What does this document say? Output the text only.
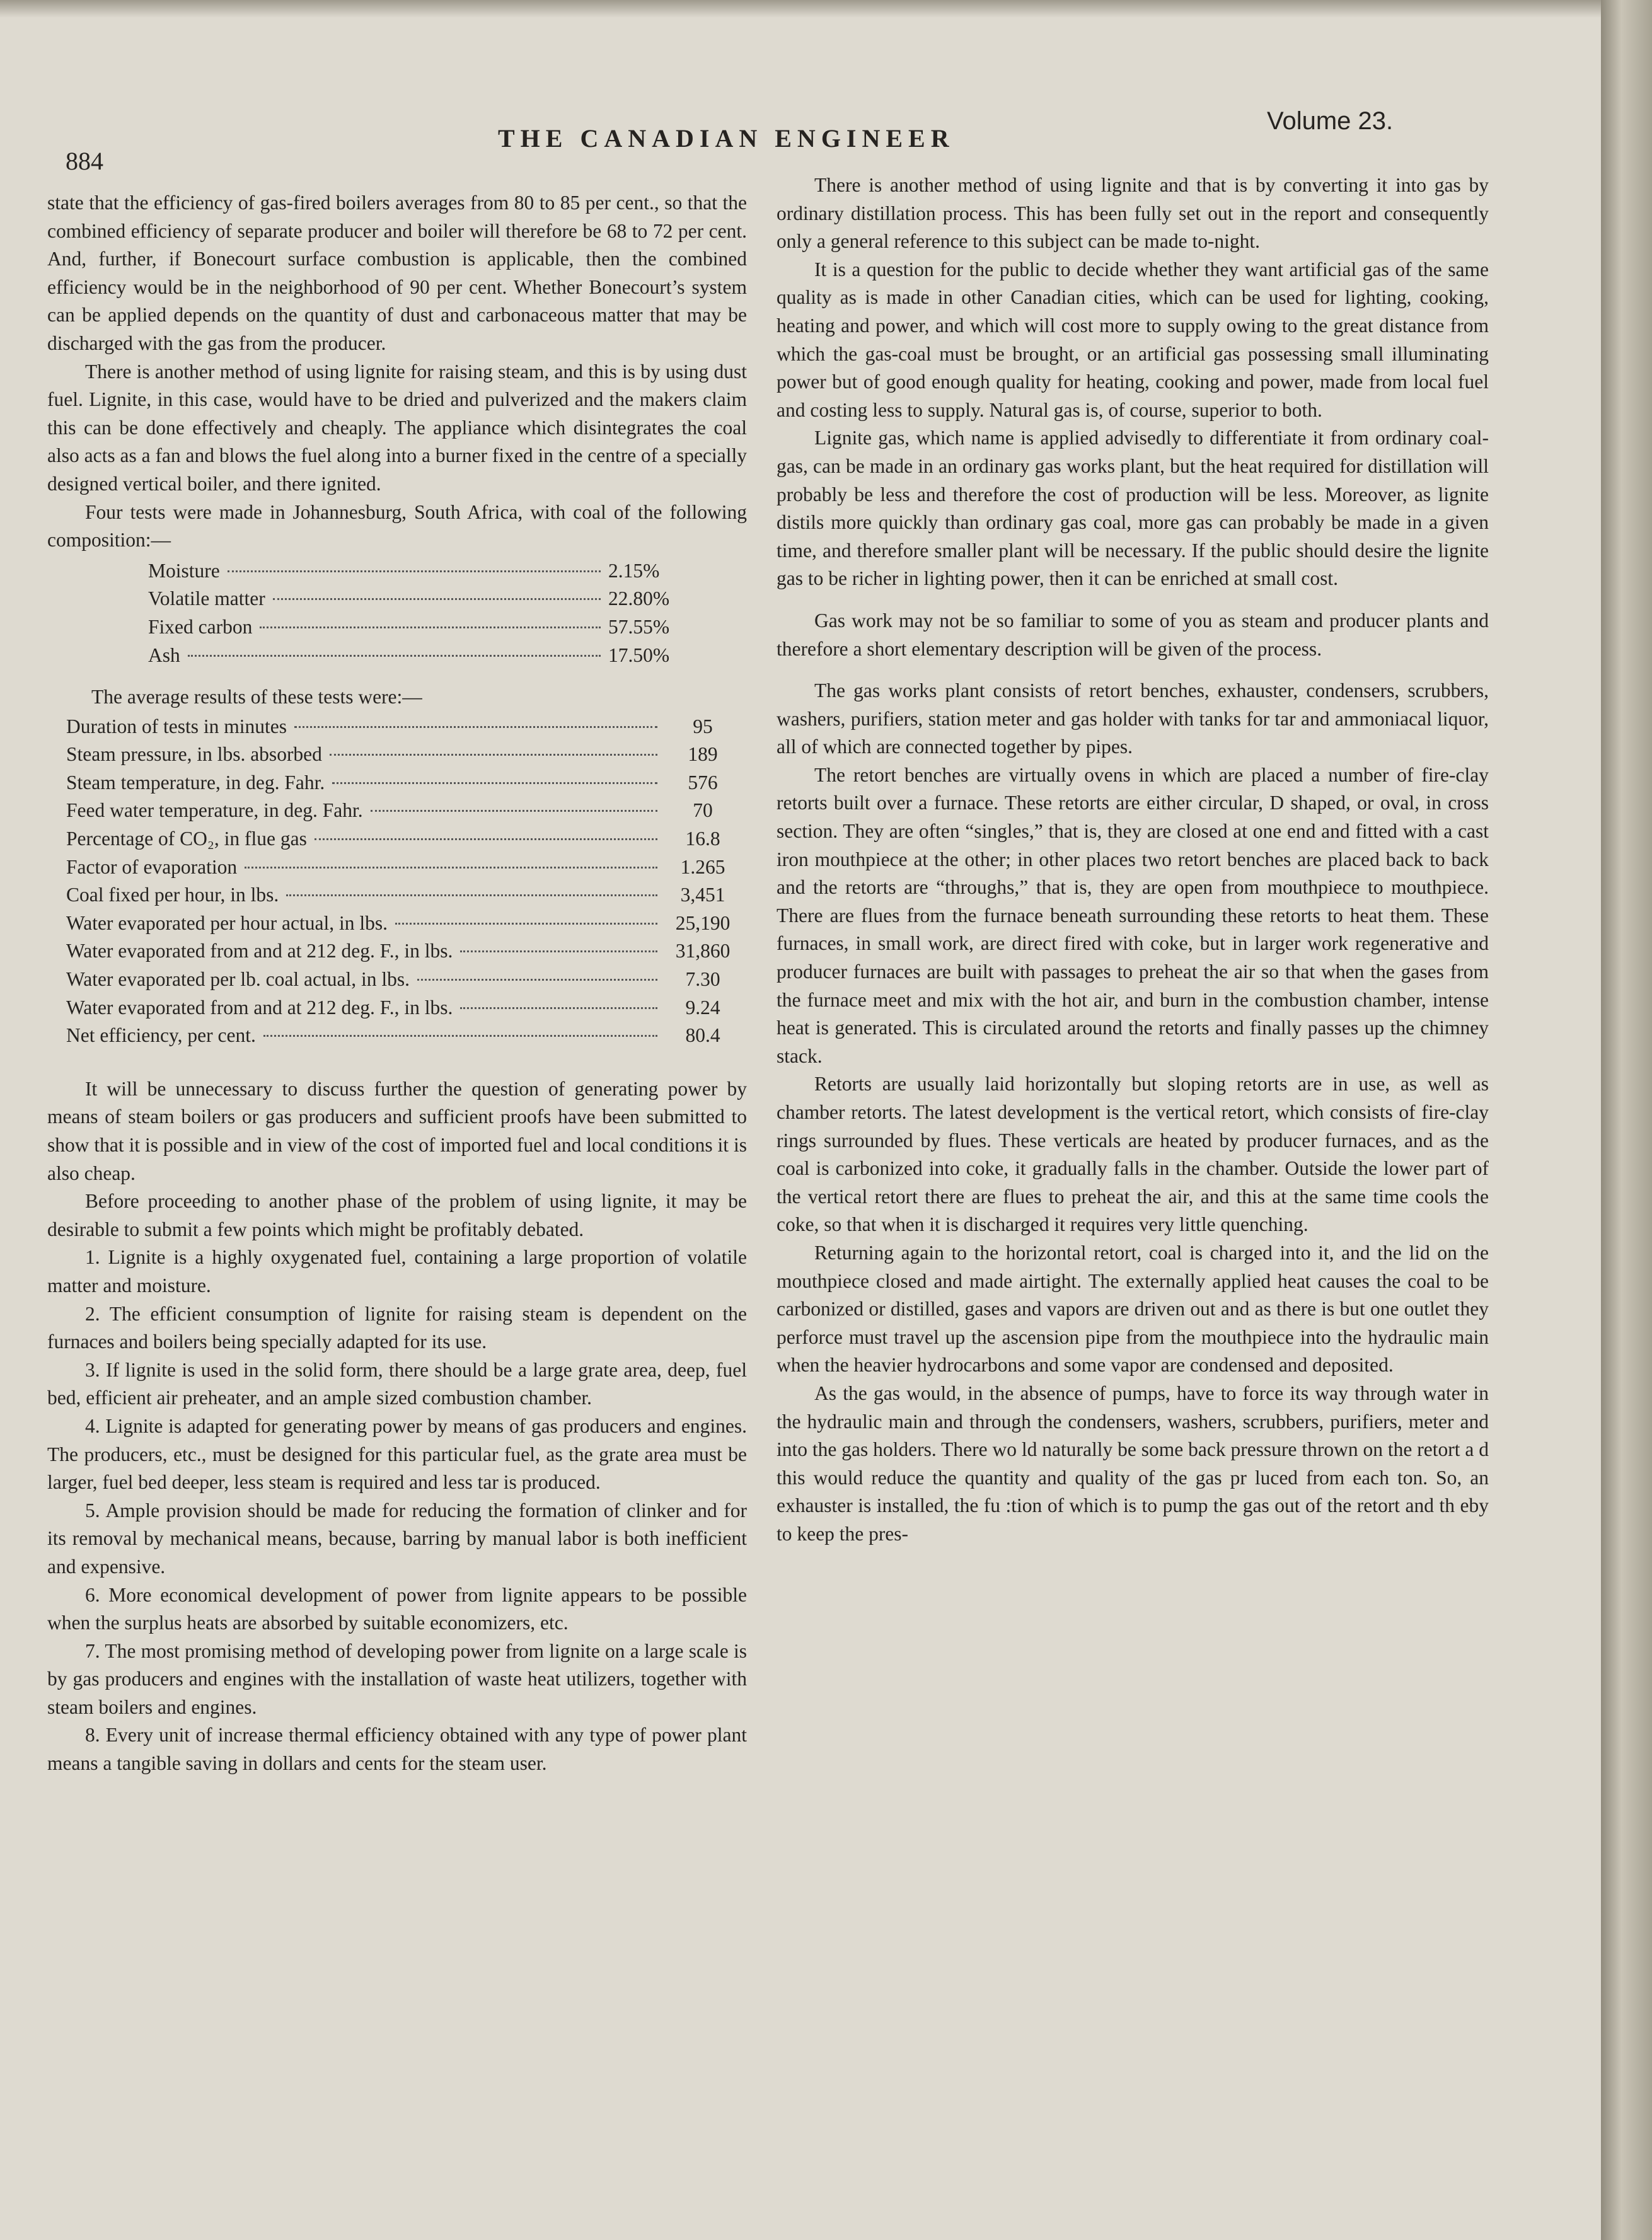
884
THE CANADIAN ENGINEER
Volume 23.

state that the efficiency of gas-fired boilers averages from 80 to 85 per cent., so that the combined efficiency of separate producer and boiler will therefore be 68 to 72 per cent. And, further, if Bonecourt surface combustion is applicable, then the combined efficiency would be in the neighborhood of 90 per cent. Whether Bonecourt’s system can be applied depends on the quantity of dust and carbonaceous matter that may be discharged with the gas from the producer.

There is another method of using lignite for raising steam, and this is by using dust fuel. Lignite, in this case, would have to be dried and pulverized and the makers claim this can be done effectively and cheaply. The appliance which disintegrates the coal also acts as a fan and blows the fuel along into a burner fixed in the centre of a specially designed vertical boiler, and there ignited.

Four tests were made in Johannesburg, South Africa, with coal of the following composition:—

Moisture	2.15%
Volatile matter	22.80%
Fixed carbon	57.55%
Ash	17.50%
The average results of these tests were:—
Duration of tests in minutes	95
Steam pressure, in lbs. absorbed	189
Steam temperature, in deg. Fahr.	576
Feed water temperature, in deg. Fahr.	70
Percentage of CO₂, in flue gas	16.8
Factor of evaporation	1.265
Coal fixed per hour, in lbs.	3,451
Water evaporated per hour actual, in lbs.	25,190
Water evaporated from and at 212 deg. F., in lbs.	31,860
Water evaporated per lb. coal actual, in lbs.	7.30
Water evaporated from and at 212 deg. F., in lbs.	9.24
Net efficiency, per cent.	80.4

It will be unnecessary to discuss further the question of generating power by means of steam boilers or gas producers and sufficient proofs have been submitted to show that it is possible and in view of the cost of imported fuel and local conditions it is also cheap.

Before proceeding to another phase of the problem of using lignite, it may be desirable to submit a few points which might be profitably debated.

1. Lignite is a highly oxygenated fuel, containing a large proportion of volatile matter and moisture.

2. The efficient consumption of lignite for raising steam is dependent on the furnaces and boilers being specially adapted for its use.

3. If lignite is used in the solid form, there should be a large grate area, deep, fuel bed, efficient air preheater, and an ample sized combustion chamber.

4. Lignite is adapted for generating power by means of gas producers and engines. The producers, etc., must be designed for this particular fuel, as the grate area must be larger, fuel bed deeper, less steam is required and less tar is produced.

5. Ample provision should be made for reducing the formation of clinker and for its removal by mechanical means, because, barring by manual labor is both inefficient and expensive.

6. More economical development of power from lignite appears to be possible when the surplus heats are absorbed by suitable economizers, etc.

7. The most promising method of developing power from lignite on a large scale is by gas producers and engines with the installation of waste heat utilizers, together with steam boilers and engines.

8. Every unit of increase thermal efficiency obtained with any type of power plant means a tangible saving in dollars and cents for the steam user.

There is another method of using lignite and that is by converting it into gas by ordinary distillation process. This has been fully set out in the report and consequently only a general reference to this subject can be made to-night.

It is a question for the public to decide whether they want artificial gas of the same quality as is made in other Canadian cities, which can be used for lighting, cooking, heating and power, and which will cost more to supply owing to the great distance from which the gas-coal must be brought, or an artificial gas possessing small illuminating power but of good enough quality for heating, cooking and power, made from local fuel and costing less to supply. Natural gas is, of course, superior to both.

Lignite gas, which name is applied advisedly to differentiate it from ordinary coal-gas, can be made in an ordinary gas works plant, but the heat required for distillation will probably be less and therefore the cost of production will be less. Moreover, as lignite distils more quickly than ordinary gas coal, more gas can probably be made in a given time, and therefore smaller plant will be necessary. If the public should desire the lignite gas to be richer in lighting power, then it can be enriched at small cost.

Gas work may not be so familiar to some of you as steam and producer plants and therefore a short elementary description will be given of the process.

The gas works plant consists of retort benches, exhauster, condensers, scrubbers, washers, purifiers, station meter and gas holder with tanks for tar and ammoniacal liquor, all of which are connected together by pipes.

The retort benches are virtually ovens in which are placed a number of fire-clay retorts built over a furnace. These retorts are either circular, D shaped, or oval, in cross section. They are often “singles,” that is, they are closed at one end and fitted with a cast iron mouthpiece at the other; in other places two retort benches are placed back to back and the retorts are “throughs,” that is, they are open from mouthpiece to mouthpiece. There are flues from the furnace beneath surrounding these retorts to heat them. These furnaces, in small work, are direct fired with coke, but in larger work regenerative and producer furnaces are built with passages to preheat the air so that when the gases from the furnace meet and mix with the hot air, and burn in the combustion chamber, intense heat is generated. This is circulated around the retorts and finally passes up the chimney stack.

Retorts are usually laid horizontally but sloping retorts are in use, as well as chamber retorts. The latest development is the vertical retort, which consists of fire-clay rings surrounded by flues. These verticals are heated by producer furnaces, and as the coal is carbonized into coke, it gradually falls in the chamber. Outside the lower part of the vertical retort there are flues to preheat the air, and this at the same time cools the coke, so that when it is discharged it requires very little quenching.

Returning again to the horizontal retort, coal is charged into it, and the lid on the mouthpiece closed and made airtight. The externally applied heat causes the coal to be carbonized or distilled, gases and vapors are driven out and as there is but one outlet they perforce must travel up the ascension pipe from the mouthpiece into the hydraulic main when the heavier hydrocarbons and some vapor are condensed and deposited.

As the gas would, in the absence of pumps, have to force its way through water in the hydraulic main and through the condensers, washers, scrubbers, purifiers, meter and into the gas holders. There wo ld naturally be some back pressure thrown on the retort a d this would reduce the quantity and quality of the gas pr luced from each ton. So, an exhauster is installed, the fu :tion of which is to pump the gas out of the retort and th eby to keep the pres-
